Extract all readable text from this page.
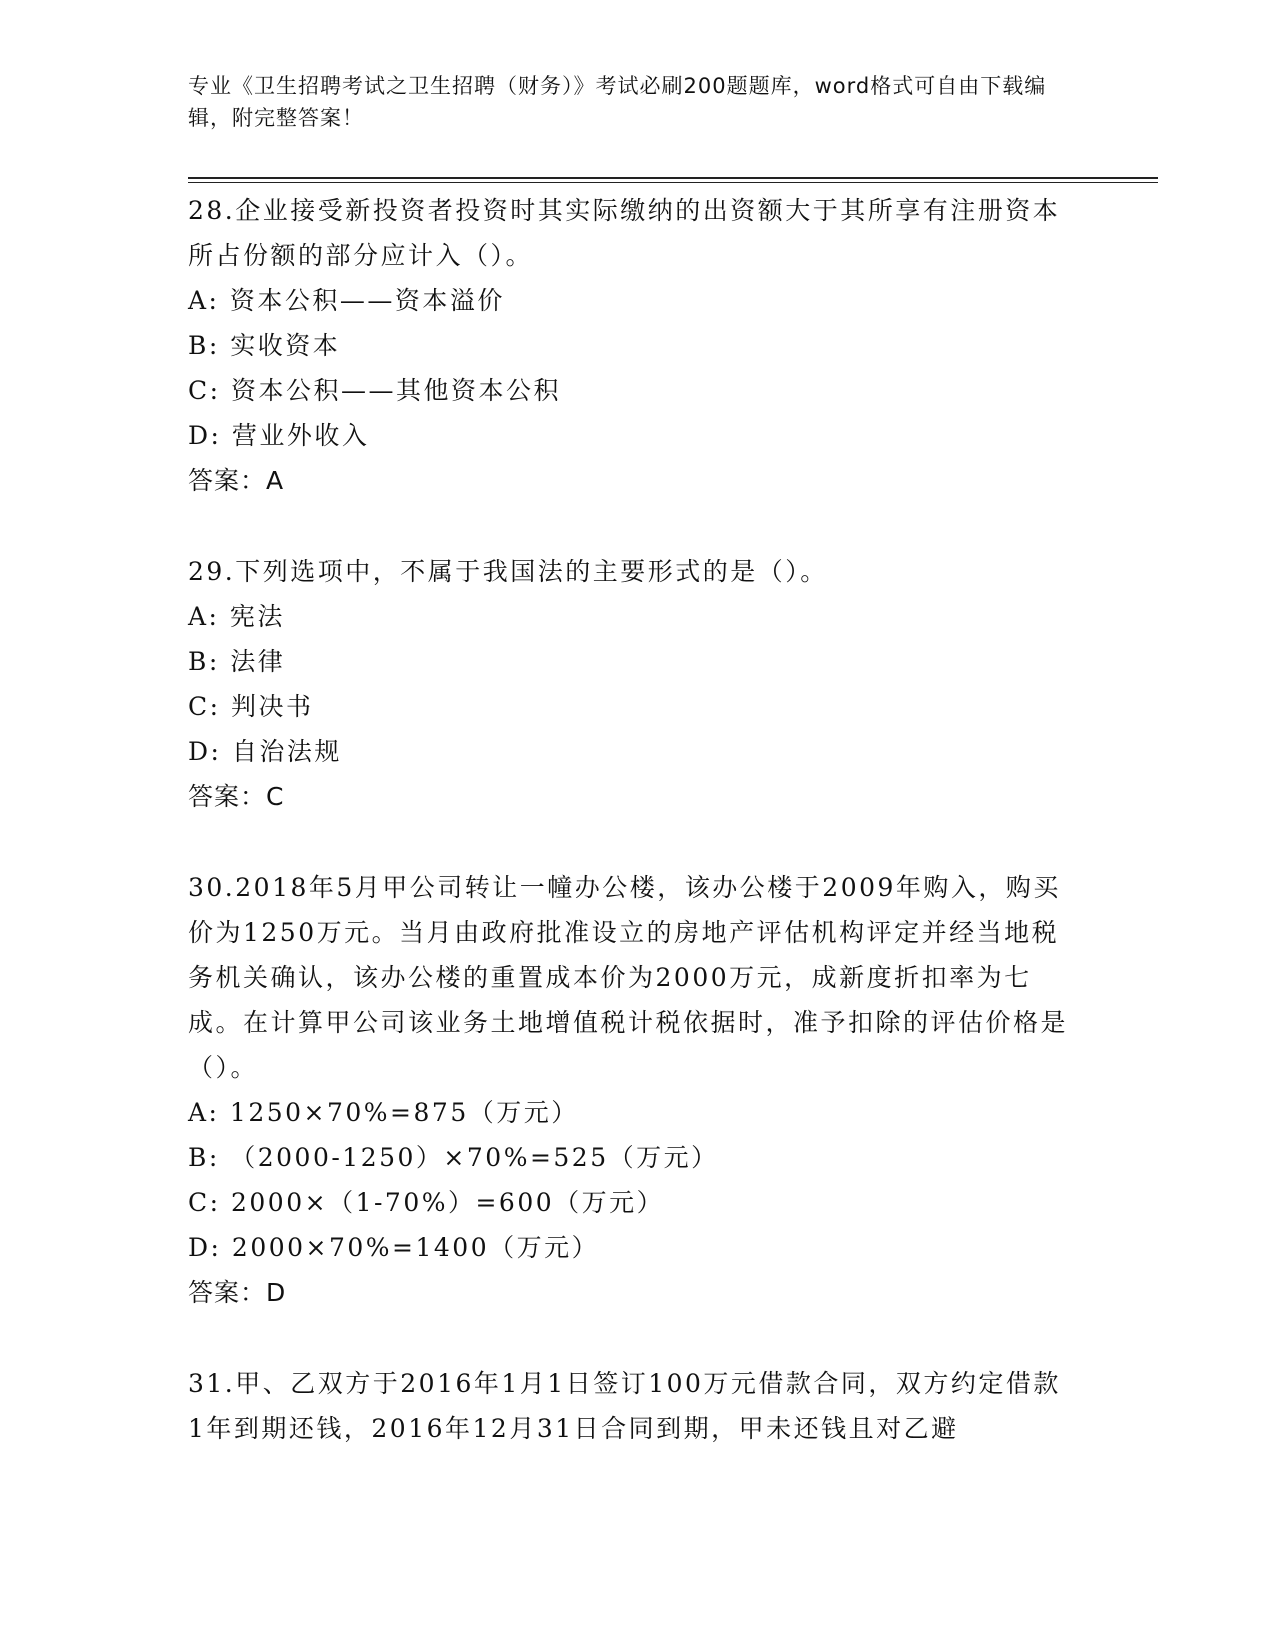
专业《卫生招聘考试之卫生招聘（财务）》考试必刷200题题库，word格式可自由下载编辑，附完整答案！
28.企业接受新投资者投资时其实际缴纳的出资额大于其所享有注册资本所占份额的部分应计入（）。
A: 资本公积——资本溢价
B: 实收资本
C: 资本公积——其他资本公积
D: 营业外收入
答案：A
29.下列选项中，不属于我国法的主要形式的是（）。
A: 宪法
B: 法律
C: 判决书
D: 自治法规
答案：C
30.2018年5月甲公司转让一幢办公楼，该办公楼于2009年购入，购买价为1250万元。当月由政府批准设立的房地产评估机构评定并经当地税务机关确认，该办公楼的重置成本价为2000万元，成新度折扣率为七成。在计算甲公司该业务土地增值税计税依据时，准予扣除的评估价格是（）。
A: 1250×70%=875（万元）
B: （2000-1250）×70%=525（万元）
C: 2000×（1-70%）=600（万元）
D: 2000×70%=1400（万元）
答案：D
31.甲、乙双方于2016年1月1日签订100万元借款合同，双方约定借款1年到期还钱，2016年12月31日合同到期，甲未还钱且对乙避
